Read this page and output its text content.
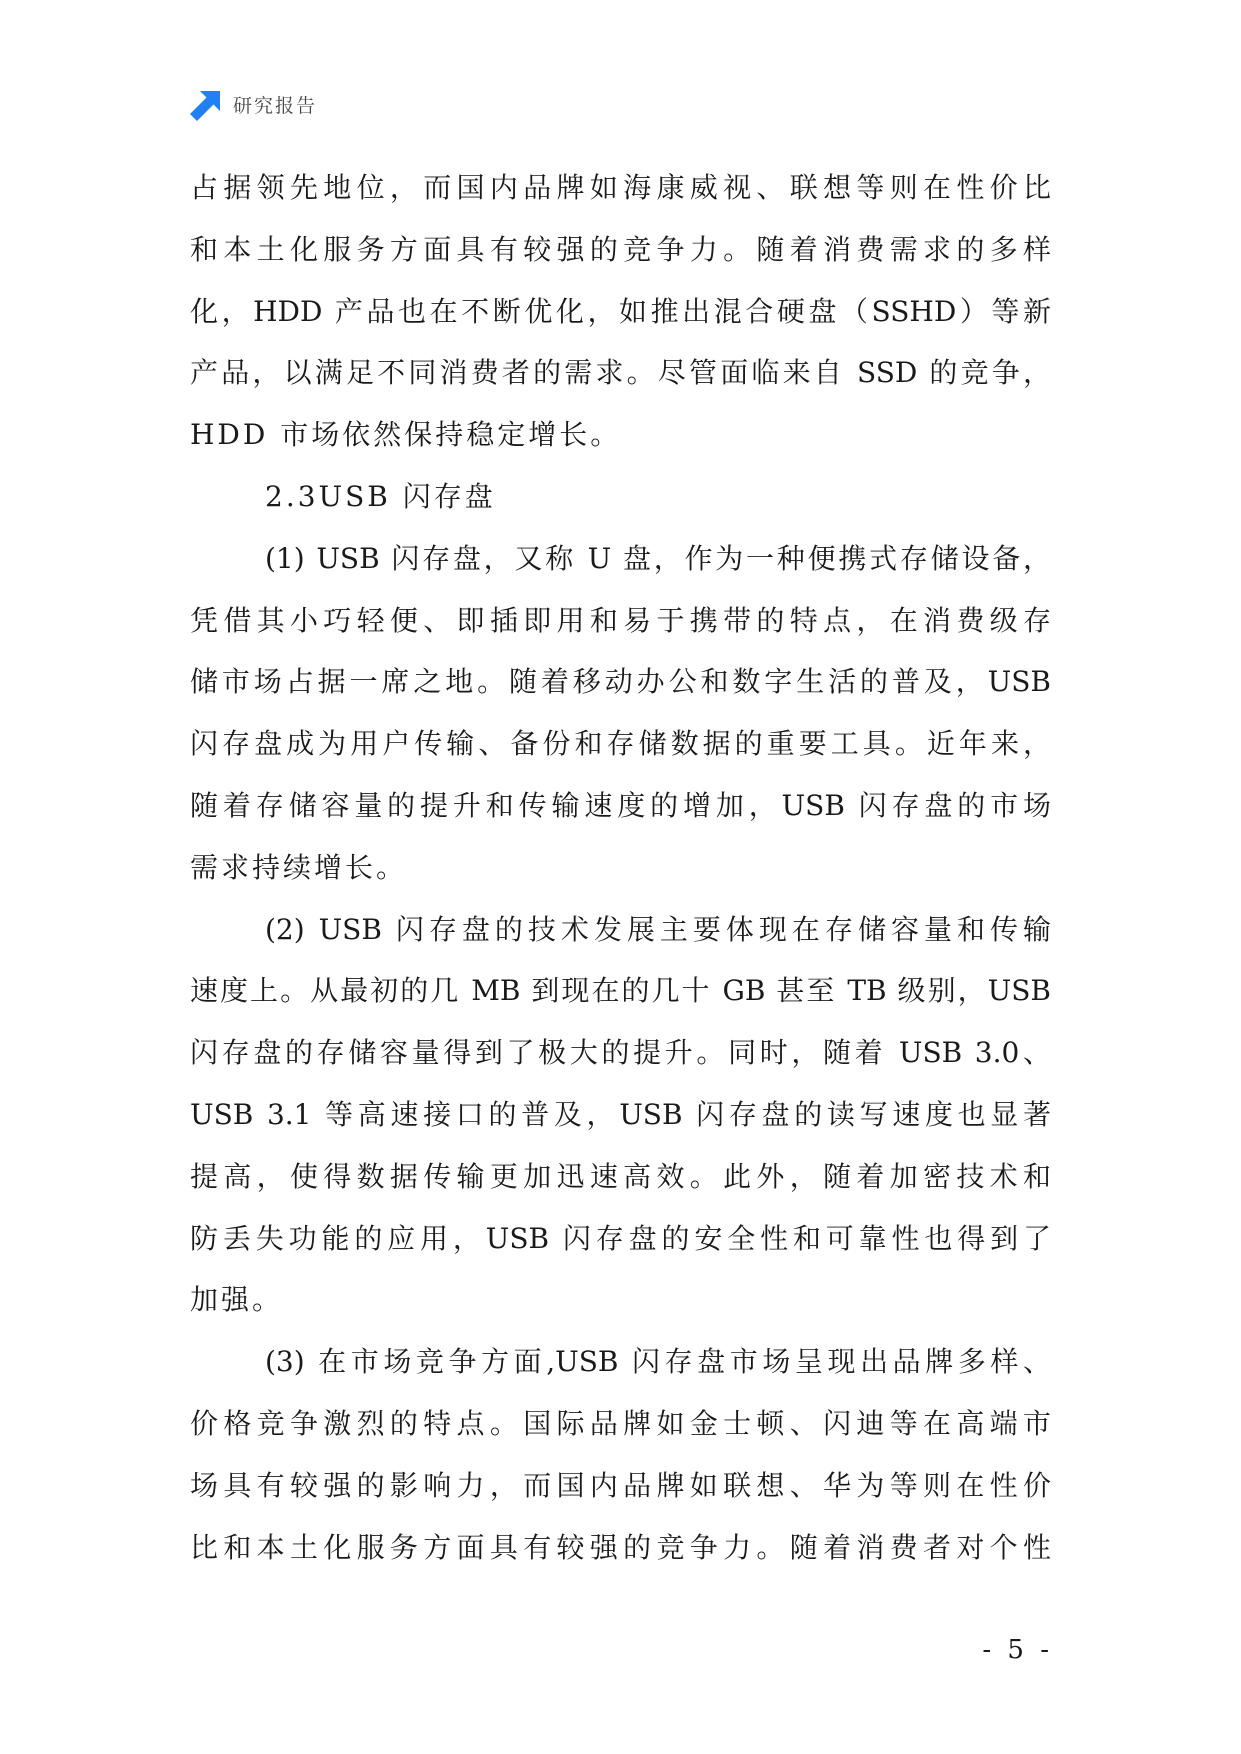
研究报告
占据领先地位，而国内品牌如海康威视、联想等则在性价比
和本土化服务方面具有较强的竞争力。随着消费需求的多样
化，HDD 产品也在不断优化，如推出混合硬盘（SSHD）等新
产品，以满足不同消费者的需求。尽管面临来自 SSD 的竞争，
HDD 市场依然保持稳定增长。
2.3USB 闪存盘
(1) USB 闪存盘，又称 U 盘，作为一种便携式存储设备，
凭借其小巧轻便、即插即用和易于携带的特点，在消费级存
储市场占据一席之地。随着移动办公和数字生活的普及，USB
闪存盘成为用户传输、备份和存储数据的重要工具。近年来，
随着存储容量的提升和传输速度的增加，USB 闪存盘的市场
需求持续增长。
(2) USB 闪存盘的技术发展主要体现在存储容量和传输
速度上。从最初的几 MB 到现在的几十 GB 甚至 TB 级别，USB
闪存盘的存储容量得到了极大的提升。同时，随着 USB 3.0、
USB 3.1 等高速接口的普及，USB 闪存盘的读写速度也显著
提高，使得数据传输更加迅速高效。此外，随着加密技术和
防丢失功能的应用，USB 闪存盘的安全性和可靠性也得到了
加强。
(3) 在市场竞争方面,USB 闪存盘市场呈现出品牌多样、
价格竞争激烈的特点。国际品牌如金士顿、闪迪等在高端市
场具有较强的影响力，而国内品牌如联想、华为等则在性价
比和本土化服务方面具有较强的竞争力。随着消费者对个性
- 5 -
